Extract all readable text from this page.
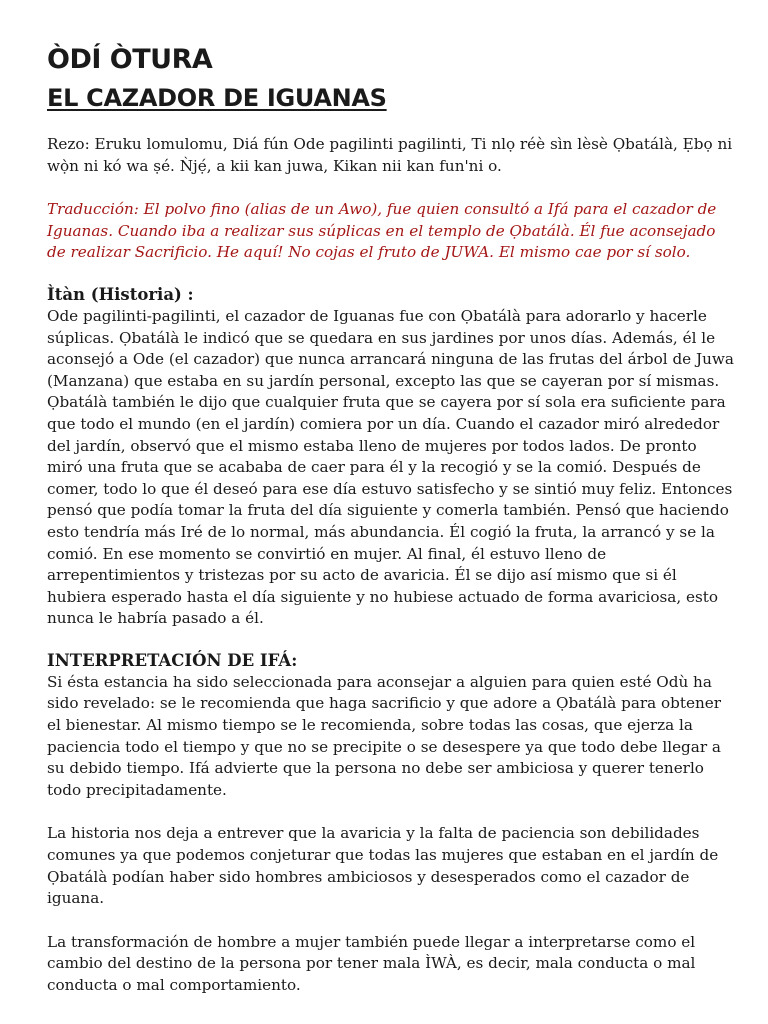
ÒDÍ ÒTURA
EL CAZADOR DE IGUANAS

Rezo: Eruku lomulomu, Diá fún Ode pagilinti pagilinti, Ti nlọ réè sìn lèsè Ọbatálà, Ẹbọ ni wọ̀n ni kó wa ṣé. Ǹjẹ́, a kii kan juwa, Kikan nii kan fun'ni o.

Traducción: El polvo fino (alias de un Awo), fue quien consultó a Ifá para el cazador de Iguanas. Cuando iba a realizar sus súplicas en el templo de Ọbatálà. Él fue aconsejado de realizar Sacrificio. He aquí! No cojas el fruto de JUWA. El mismo cae por sí solo.

Ìtàn (Historia) :

Ode pagilinti-pagilinti, el cazador de Iguanas fue con Ọbatálà para adorarlo y hacerle súplicas. Ọbatálà le indicó que se quedara en sus jardines por unos días. Además, él le aconsejó a Ode (el cazador) que nunca arrancará ninguna de las frutas del árbol de Juwa (Manzana) que estaba en su jardín personal, excepto las que se cayeran por sí mismas. Ọbatálà también le dijo que cualquier fruta que se cayera por sí sola era suficiente para que todo el mundo (en el jardín) comiera por un día. Cuando el cazador miró alrededor del jardín, observó que el mismo estaba lleno de mujeres por todos lados. De pronto miró una fruta que se acababa de caer para él y la recogió y se la comió. Después de comer, todo lo que él deseó para ese día estuvo satisfecho y se sintió muy feliz. Entonces pensó que podía tomar la fruta del día siguiente y comerla también. Pensó que haciendo esto tendría más Iré de lo normal, más abundancia. Él cogió la fruta, la arrancó y se la comió. En ese momento se convirtió en mujer. Al final, él estuvo lleno de arrepentimientos y tristezas por su acto de avaricia. Él se dijo así mismo que si él hubiera esperado hasta el día siguiente y no hubiese actuado de forma avariciosa, esto nunca le habría pasado a él.

INTERPRETACIÓN DE IFÁ:

Si ésta estancia ha sido seleccionada para aconsejar a alguien para quien esté Odù ha sido revelado: se le recomienda que haga sacrificio y que adore a Ọbatálà para obtener el bienestar. Al mismo tiempo se le recomienda, sobre todas las cosas, que ejerza la paciencia todo el tiempo y que no se precipite o se desespere ya que todo debe llegar a su debido tiempo. Ifá advierte que la persona no debe ser ambiciosa y querer tenerlo todo precipitadamente.

La historia nos deja a entrever que la avaricia y la falta de paciencia son debilidades comunes ya que podemos conjeturar que todas las mujeres que estaban en el jardín de Ọbatálà podían haber sido hombres ambiciosos y desesperados como el cazador de iguana.

La transformación de hombre a mujer también puede llegar a interpretarse como el cambio del destino de la persona por tener mala ÌWÀ, es decir, mala conducta o mal conducta o mal comportamiento.
